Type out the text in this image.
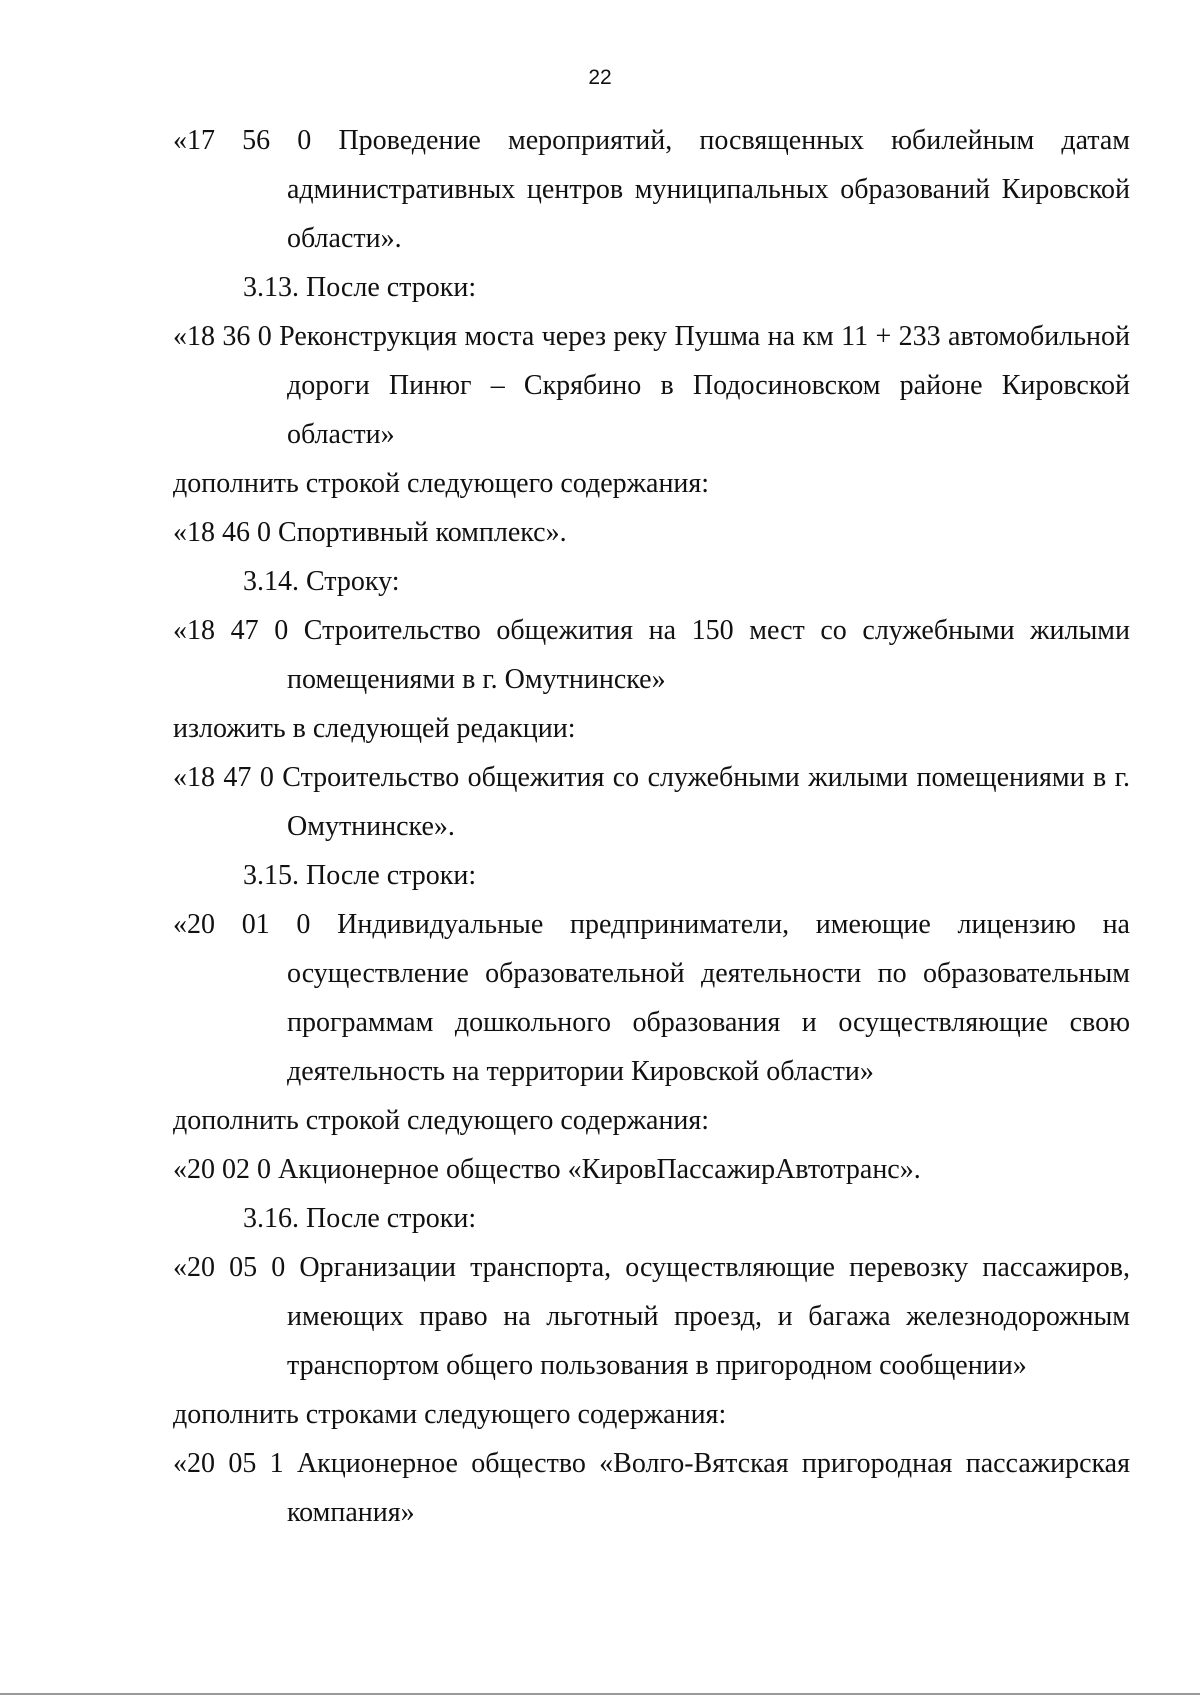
22

«17 56 0 Проведение мероприятий, посвященных юбилейным датам административных центров муниципальных образований Кировской области».

3.13. После строки:

«18 36 0 Реконструкция моста через реку Пушма на км 11 + 233 автомобильной дороги Пинюг – Скрябино в Подосиновском районе Кировской области»

дополнить строкой следующего содержания:

«18 46 0 Спортивный комплекс».

3.14. Строку:

«18 47 0 Строительство общежития на 150 мест со служебными жилыми помещениями в г. Омутнинске»

изложить в следующей редакции:

«18 47 0 Строительство общежития со служебными жилыми помещениями в г. Омутнинске».

3.15. После строки:

«20 01 0 Индивидуальные предприниматели, имеющие лицензию на осуществление образовательной деятельности по образовательным программам дошкольного образования и осуществляющие свою деятельность на территории Кировской области»

дополнить строкой следующего содержания:

«20 02 0 Акционерное общество «КировПассажирАвтотранс».

3.16. После строки:

«20 05 0 Организации транспорта, осуществляющие перевозку пассажиров, имеющих право на льготный проезд, и багажа железнодорожным транспортом общего пользования в пригородном сообщении»

дополнить строками следующего содержания:

«20 05 1 Акционерное общество «Волго-Вятская пригородная пассажирская компания»
